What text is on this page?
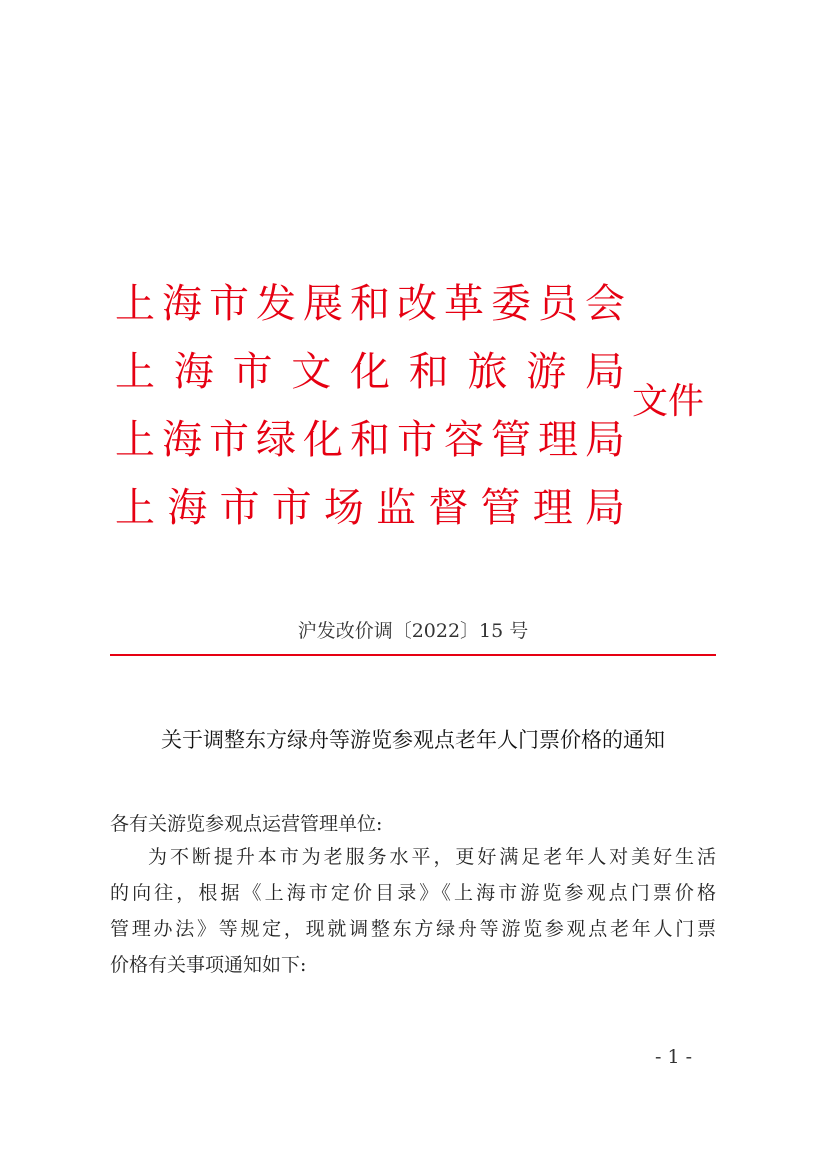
上海市发展和改革委员会
上海市文化和旅游局
上海市绿化和市容管理局
上海市市场监督管理局
文件
沪发改价调〔2022〕15 号
关于调整东方绿舟等游览参观点老年人门票价格的通知
各有关游览参观点运营管理单位:
为不断提升本市为老服务水平，更好满足老年人对美好生活
的向往，根据《上海市定价目录》《上海市游览参观点门票价格
管理办法》等规定，现就调整东方绿舟等游览参观点老年人门票
价格有关事项通知如下:
- 1 -
